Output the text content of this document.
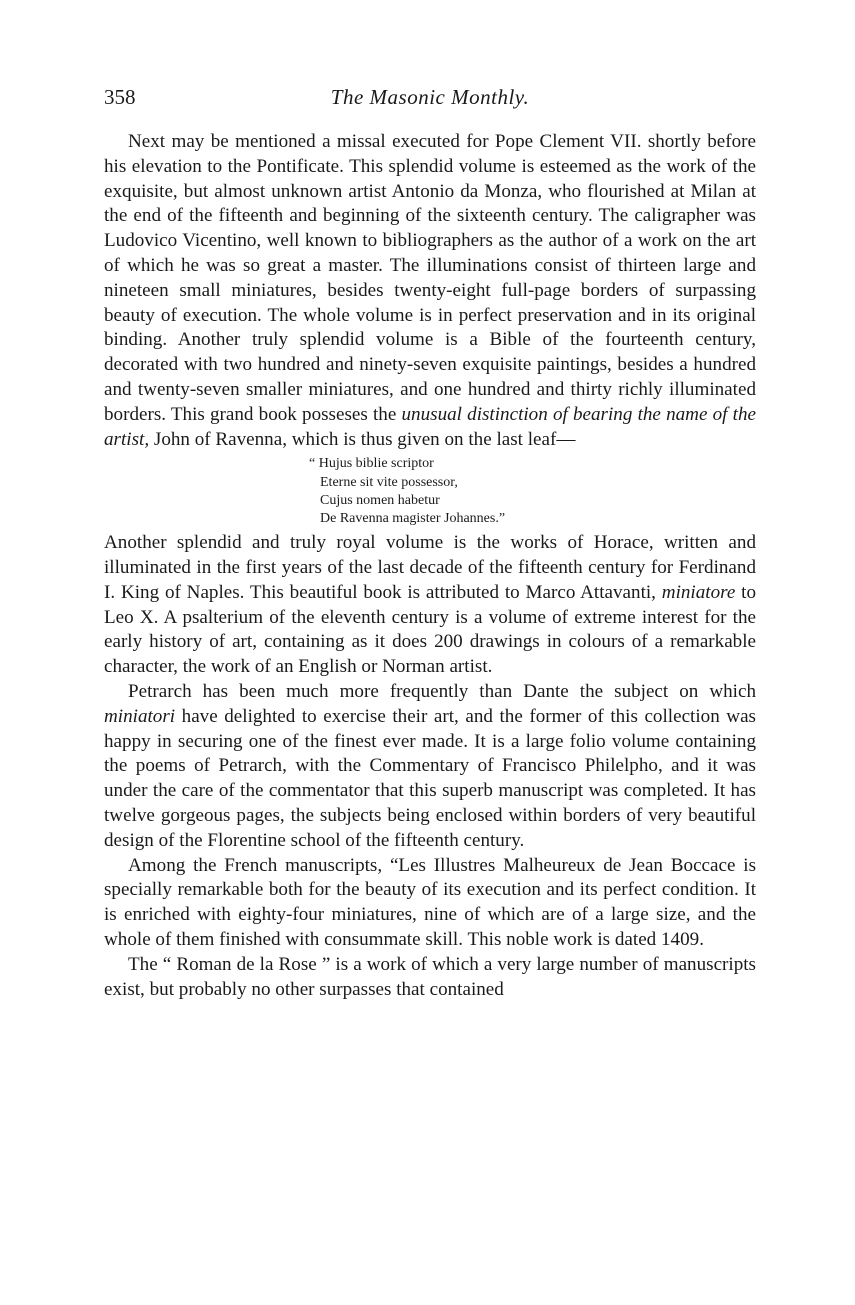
358	The Masonic Monthly.

Next may be mentioned a missal executed for Pope Clement VII. shortly before his elevation to the Pontificate. This splendid volume is esteemed as the work of the exquisite, but almost unknown artist Antonio da Monza, who flourished at Milan at the end of the fifteenth and beginning of the sixteenth century. The caligrapher was Ludovico Vicentino, well known to bibliographers as the author of a work on the art of which he was so great a master. The illuminations consist of thirteen large and nineteen small miniatures, besides twenty-eight full-page borders of surpassing beauty of execution. The whole volume is in perfect preservation and in its original binding. Another truly splendid volume is a Bible of the fourteenth century, decorated with two hundred and ninety-seven exquisite paintings, besides a hundred and twenty-seven smaller miniatures, and one hundred and thirty richly illuminated borders. This grand book posseses the unusual distinction of bearing the name of the artist, John of Ravenna, which is thus given on the last leaf—

“ Hujus biblie scriptor
Eterne sit vite possessor,
Cujus nomen habetur
De Ravenna magister Johannes.”

Another splendid and truly royal volume is the works of Horace, written and illuminated in the first years of the last decade of the fifteenth century for Ferdinand I. King of Naples. This beautiful book is attributed to Marco Attavanti, miniatore to Leo X. A psalterium of the eleventh century is a volume of extreme interest for the early history of art, containing as it does 200 drawings in colours of a remarkable character, the work of an English or Norman artist.

Petrarch has been much more frequently than Dante the subject on which miniatori have delighted to exercise their art, and the former of this collection was happy in securing one of the finest ever made. It is a large folio volume containing the poems of Petrarch, with the Commentary of Francisco Philelpho, and it was under the care of the commentator that this superb manuscript was completed. It has twelve gorgeous pages, the subjects being enclosed within borders of very beautiful design of the Florentine school of the fifteenth century.

Among the French manuscripts, “Les Illustres Malheureux de Jean Boccace is specially remarkable both for the beauty of its execution and its perfect condition. It is enriched with eighty-four miniatures, nine of which are of a large size, and the whole of them finished with consummate skill. This noble work is dated 1409.

The “ Roman de la Rose ” is a work of which a very large number of manuscripts exist, but probably no other surpasses that contained
